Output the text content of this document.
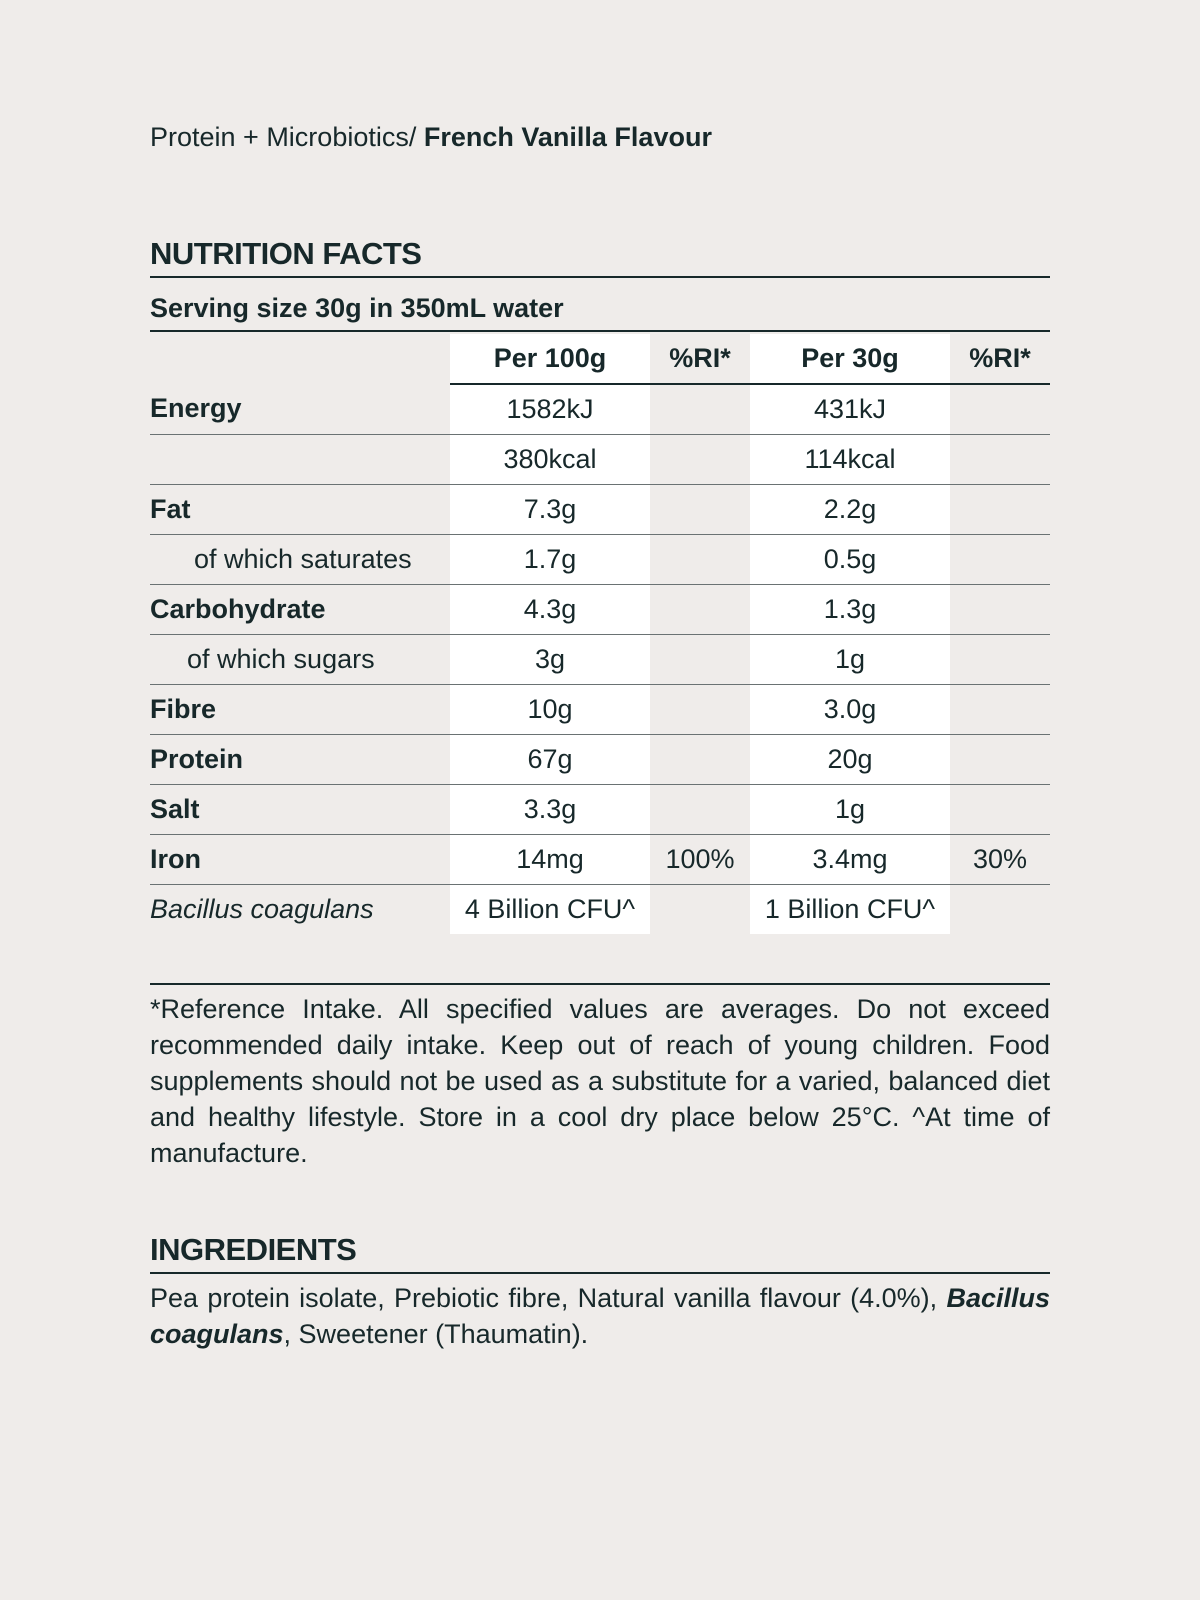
Protein + Microbiotics/ French Vanilla Flavour
NUTRITION FACTS
Serving size 30g in 350mL water
	Per 100g	%RI*	Per 30g	%RI*
Energy	1582kJ		431kJ	
	380kcal		114kcal	
Fat	7.3g		2.2g	
of which saturates	1.7g		0.5g	
Carbohydrate	4.3g		1.3g	
of which sugars	3g		1g	
Fibre	10g		3.0g	
Protein	67g		20g	
Salt	3.3g		1g	
Iron	14mg	100%	3.4mg	30%
Bacillus coagulans	4 Billion CFU^		1 Billion CFU^	
*Reference Intake. All specified values are averages. Do not exceed recommended daily intake. Keep out of reach of young children. Food supplements should not be used as a substitute for a varied, balanced diet and healthy lifestyle. Store in a cool dry place below 25°C. ^At time of manufacture.
INGREDIENTS
Pea protein isolate, Prebiotic fibre, Natural vanilla flavour (4.0%), Bacillus coagulans, Sweetener (Thaumatin).
